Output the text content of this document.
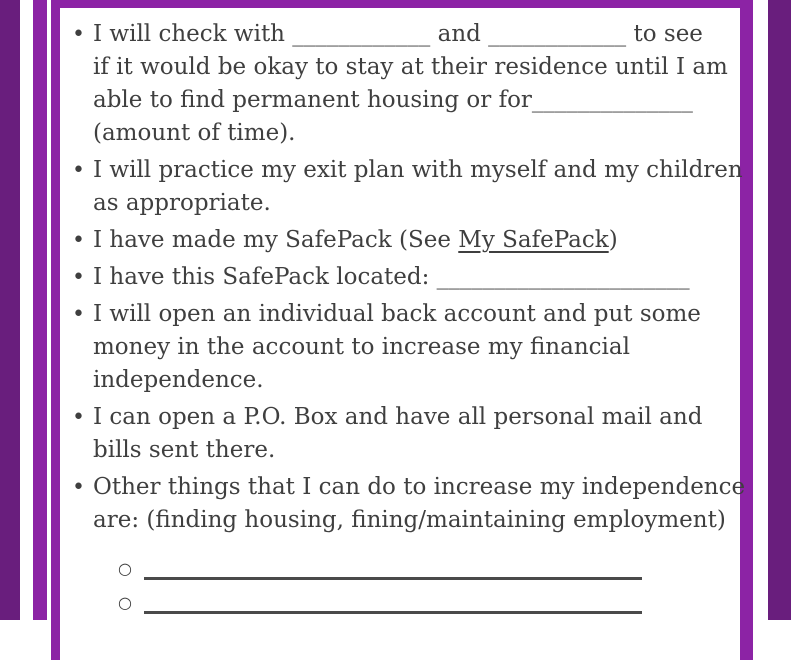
• I will check with ____________ and ____________ to see
if it would be okay to stay at their residence until I am
able to find permanent housing or for______________
(amount of time).
• I will practice my exit plan with myself and my children
as appropriate.
• I have made my SafePack (See My SafePack)
• I have this SafePack located: ______________________
• I will open an individual back account and put some
money in the account to increase my financial
independence.
• I can open a P.O. Box and have all personal mail and
bills sent there.
• Other things that I can do to increase my independence
are: (finding housing, fining/maintaining employment)
○
○
